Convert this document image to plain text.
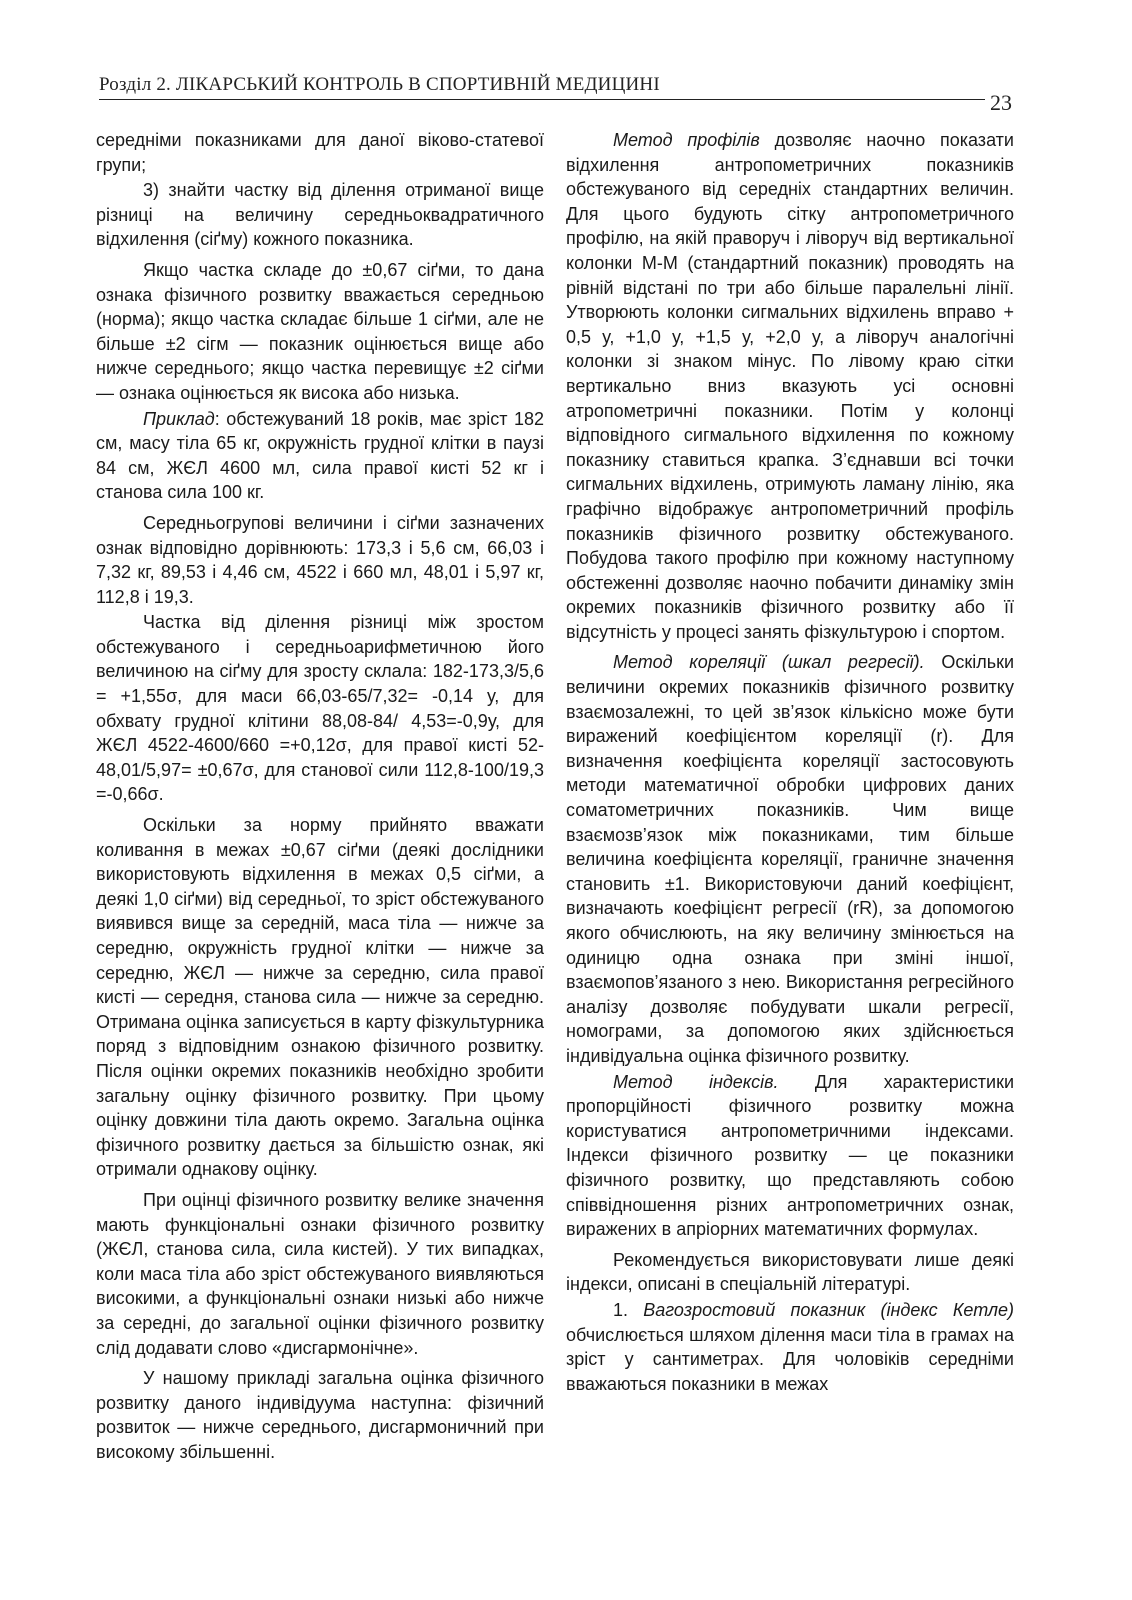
Розділ 2. ЛІКАРСЬКИЙ КОНТРОЛЬ В СПОРТИВНІЙ МЕДИЦИНІ
23

середніми показниками для даної віково-статевої групи;

3) знайти частку від ділення отриманої вище різниці на величину середньоквадратичного відхилення (сіґму) кожного показника.

Якщо частка складе до ±0,67 сіґми, то дана ознака фізичного розвитку вважається середньою (норма); якщо частка складає більше 1 сіґми, але не більше ±2 сігм — показник оцінюється вище або нижче середнього; якщо частка перевищує ±2 сіґми — ознака оцінюється як висока або низька.

Приклад: обстежуваний 18 років, має зріст 182 см, масу тіла 65 кг, окружність грудної клітки в паузі 84 см, ЖЄЛ 4600 мл, сила правої кисті 52 кг і станова сила 100 кг.

Середньогрупові величини і сіґми зазначених ознак відповідно дорівнюють: 173,3 і 5,6 см, 66,03 і 7,32 кг, 89,53 і 4,46 см, 4522 і 660 мл, 48,01 і 5,97 кг, 112,8 і 19,3.

Частка від ділення різниці між зростом обстежуваного і середньоарифметичною його величиною на сіґму для зросту склала: 182-173,3/5,6 = +1,55σ, для маси 66,03-65/7,32= -0,14 у, для обхвату грудної клітини 88,08-84/ 4,53=-0,9у, для ЖЄЛ 4522-4600/660 =+0,12σ, для правої кисті 52-48,01/5,97= ±0,67σ, для станової сили 112,8-100/19,3 =-0,66σ.

Оскільки за норму прийнято вважати коливання в межах ±0,67 сіґми (деякі дослідники використовують відхилення в межах 0,5 сіґми, а деякі 1,0 сіґми) від середньої, то зріст обстежуваного виявився вище за середній, маса тіла — нижче за середню, окружність грудної клітки — нижче за середню, ЖЄЛ — нижче за середню, сила правої кисті — середня, станова сила — нижче за середню. Отримана оцінка записується в карту фізкультурника поряд з відповідним ознакою фізичного розвитку. Після оцінки окремих показників необхідно зробити загальну оцінку фізичного розвитку. При цьому оцінку довжини тіла дають окремо. Загальна оцінка фізичного розвитку дається за більшістю ознак, які отримали однакову оцінку.

При оцінці фізичного розвитку велике значення мають функціональні ознаки фізичного розвитку (ЖЄЛ, станова сила, сила кистей). У тих випадках, коли маса тіла або зріст обстежуваного виявляються високими, а функціональні ознаки низькі або нижче за середні, до загальної оцінки фізичного розвитку слід додавати слово «дисгармонічне».

У нашому прикладі загальна оцінка фізичного розвитку даного індивідуума наступна: фізичний розвиток — нижче середнього, дисгармоничний при високому збільшенні.

Метод профілів дозволяє наочно показати відхилення антропометричних показників обстежуваного від середніх стандартних величин. Для цього будують сітку антропометричного профілю, на якій праворуч і ліворуч від вертикальної колонки М-М (стандартний показник) проводять на рівній відстані по три або більше паралельні лінії. Утворюють колонки сигмальних відхилень вправо + 0,5 у, +1,0 у, +1,5 у, +2,0 у, а ліворуч аналогічні колонки зі знаком мінус. По лівому краю сітки вертикально вниз вказують усі основні атропометричні показники. Потім у колонці відповідного сигмального відхилення по кожному показнику ставиться крапка. З’єднавши всі точки сигмальних відхилень, отримують ламану лінію, яка графічно відображує антропометричний профіль показників фізичного розвитку обстежуваного. Побудова такого профілю при кожному наступному обстеженні дозволяє наочно побачити динаміку змін окремих показників фізичного розвитку або її відсутність у процесі занять фізкультурою і спортом.

Метод кореляції (шкал регресії). Оскільки величини окремих показників фізичного розвитку взаємозалежні, то цей зв’язок кількісно може бути виражений коефіцієнтом кореляції (r). Для визначення коефіцієнта кореляції застосовують методи математичної обробки цифрових даних соматометричних показників. Чим вище взаємозв’язок між показниками, тим більше величина коефіцієнта кореляції, граничне значення становить ±1. Використовуючи даний коефіцієнт, визначають коефіцієнт регресії (rR), за допомогою якого обчислюють, на яку величину змінюється на одиницю одна ознака при зміні іншої, взаємопов’язаного з нею. Використання регресійного аналізу дозволяє побудувати шкали регресії, номограми, за допомогою яких здійснюється індивідуальна оцінка фізичного розвитку.

Метод індексів. Для характеристики пропорційності фізичного розвитку можна користуватися антропометричними індексами. Індекси фізичного розвитку — це показники фізичного розвитку, що представляють собою співвідношення різних антропометричних ознак, виражених в апріорних математичних формулах.

Рекомендується використовувати лише деякі індекси, описані в спеціальній літературі.

1. Вагозростовий показник (індекс Кетле) обчислюється шляхом ділення маси тіла в грамах на зріст у сантиметрах. Для чоловіків середніми вважаються показники в межах
